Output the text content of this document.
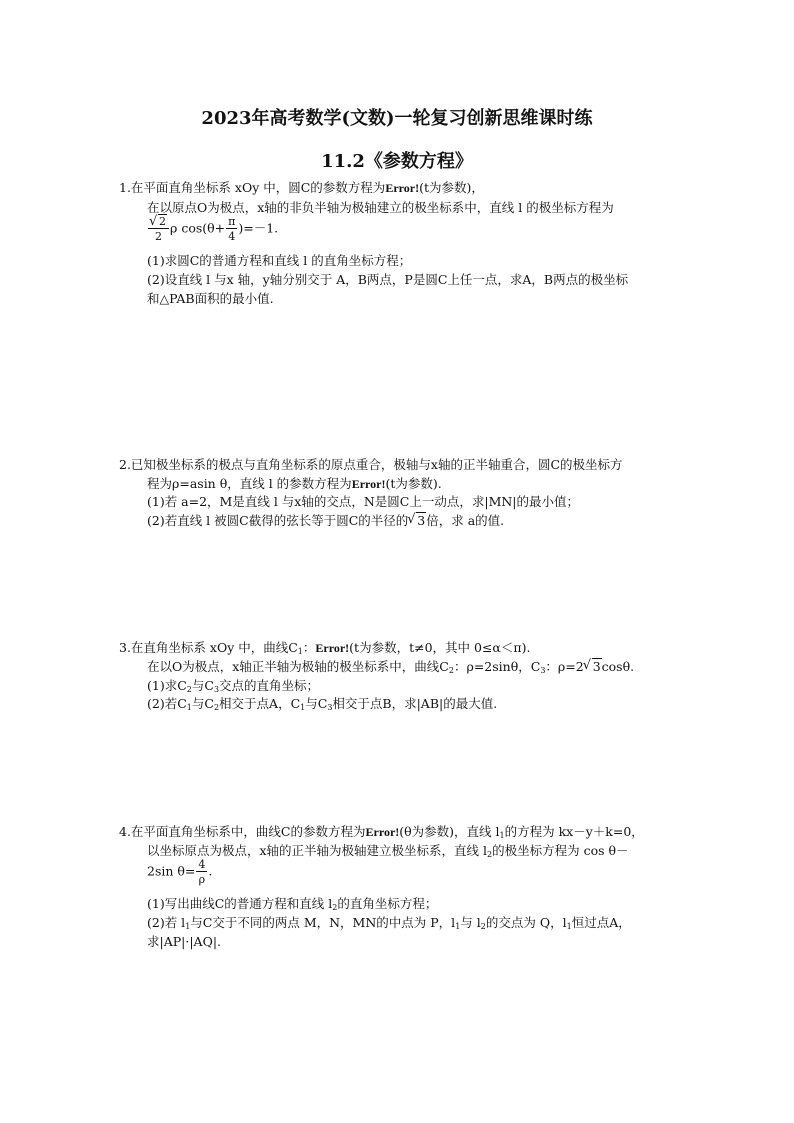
2023年高考数学(文数)一轮复习创新思维课时练
11.2《参数方程》
1.在平面直角坐标系 xOy 中，圆C的参数方程为Error!(t为参数)，
在以原点O为极点，x轴的非负半轴为极轴建立的极坐标系中，直线 l 的极坐标方程为
√ $\frac{2}{2}$ ρ $\cos(\theta+ \frac{\pi}{4} )=-1$.
(1)求圆C的普通方程和直线 l 的直角坐标方程；
(2)设直线 l 与x 轴，y轴分别交于 A，B两点，P是圆C上任一点，求A，B两点的极坐标
和△PAB面积的最小值.
2.已知极坐标系的极点与直角坐标系的原点重合，极轴与x轴的正半轴重合，圆C的极坐标方
程为ρ=asin θ，直线 l 的参数方程为Error!(t为参数).
(1)若 a=2，M是直线 l 与x轴的交点，N是圆C上一动点，求|MN|的最小值；
(2)若直线 l 被圆C截得的弦长等于圆C的半径的 √ 3倍，求 a的值.
3.在直角坐标系 xOy 中，曲线$C_1$：Error!(t为参数，t≠0，其中 0≤α＜π).
在以O为极点，x轴正半轴为极轴的极坐标系中，曲线$C_2$：ρ=2sinθ，$C_3$：ρ=2 √ 3cosθ.
(1)求$C_2$与$C_3$交点的直角坐标；
(2)若$C_1$与$C_2$相交于点A，$C_1$与$C_3$相交于点B，求|AB|的最大值.
4.在平面直角坐标系中，曲线C的参数方程为Error!(θ为参数)，直线 $l_1$的方程为 kx－y＋k=0，
以坐标原点为极点，x轴的正半轴为极轴建立极坐标系，直线 $l_2$的极坐标方程为 cos θ－
2sin $\theta= \frac{4}{\rho}$ .
(1)写出曲线C的普通方程和直线 $l_2$的直角坐标方程；
(2)若 $l_1$与C交于不同的两点 M，N，MN的中点为 P，$l_1$与 $l_2$的交点为 Q，$l_1$恒过点A，
求|AP|·|AQ|.
